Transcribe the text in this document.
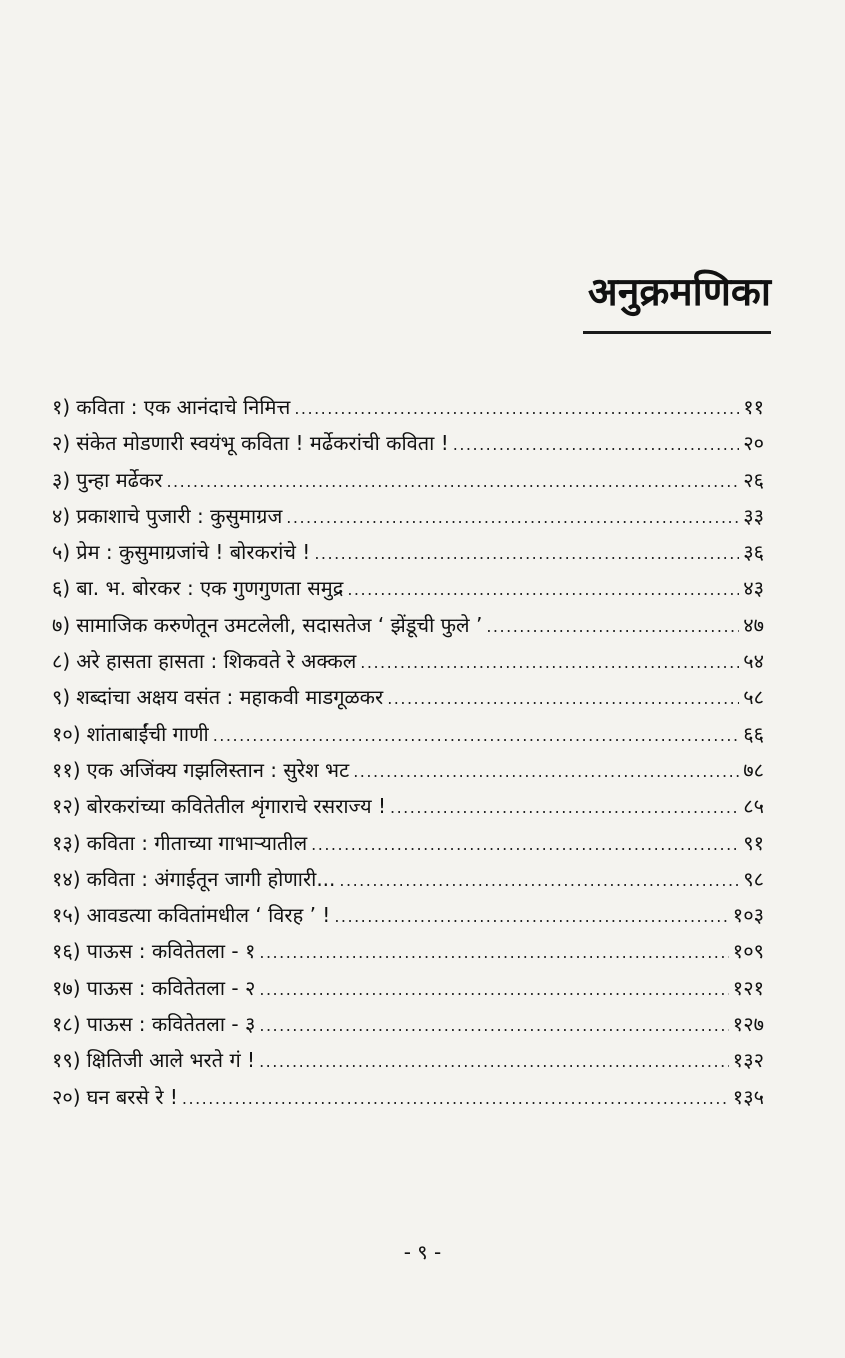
अनुक्रमणिका
१) कविता : एक आनंदाचे निमित्त .....	११
२) संकेत मोडणारी स्वयंभू कविता ! मर्ढेकरांची कविता ! .....	२०
३) पुन्हा मर्ढेकर .....	२६
४) प्रकाशाचे पुजारी : कुसुमाग्रज .....	३३
५) प्रेम : कुसुमाग्रजांचे ! बोरकरांचे ! .....	३६
६) बा. भ. बोरकर : एक गुणगुणता समुद्र .....	४३
७) सामाजिक करुणेतून उमटलेली, सदासतेज ‘ झेंडूची फुले ’ .....	४७
८) अरे हासता हासता : शिकवते रे अक्कल .....	५४
९) शब्दांचा अक्षय वसंत : महाकवी माडगूळकर .....	५८
१०) शांताबाईंची गाणी .....	६६
११) एक अजिंक्य गझलिस्तान : सुरेश भट .....	७८
१२) बोरकरांच्या कवितेतील शृंगाराचे रसराज्य ! .....	८५
१३) कविता : गीताच्या गाभाऱ्यातील .....	९१
१४) कविता : अंगाईतून जागी होणारी... .....	९८
१५) आवडत्या कवितांमधील ‘ विरह ’ ! .....	१०३
१६) पाऊस : कवितेतला - १ .....	१०९
१७) पाऊस : कवितेतला - २ .....	१२१
१८) पाऊस : कवितेतला - ३ .....	१२७
१९) क्षितिजी आले भरते गं ! .....	१३२
२०) घन बरसे रे ! .....	१३५
- ९ -
